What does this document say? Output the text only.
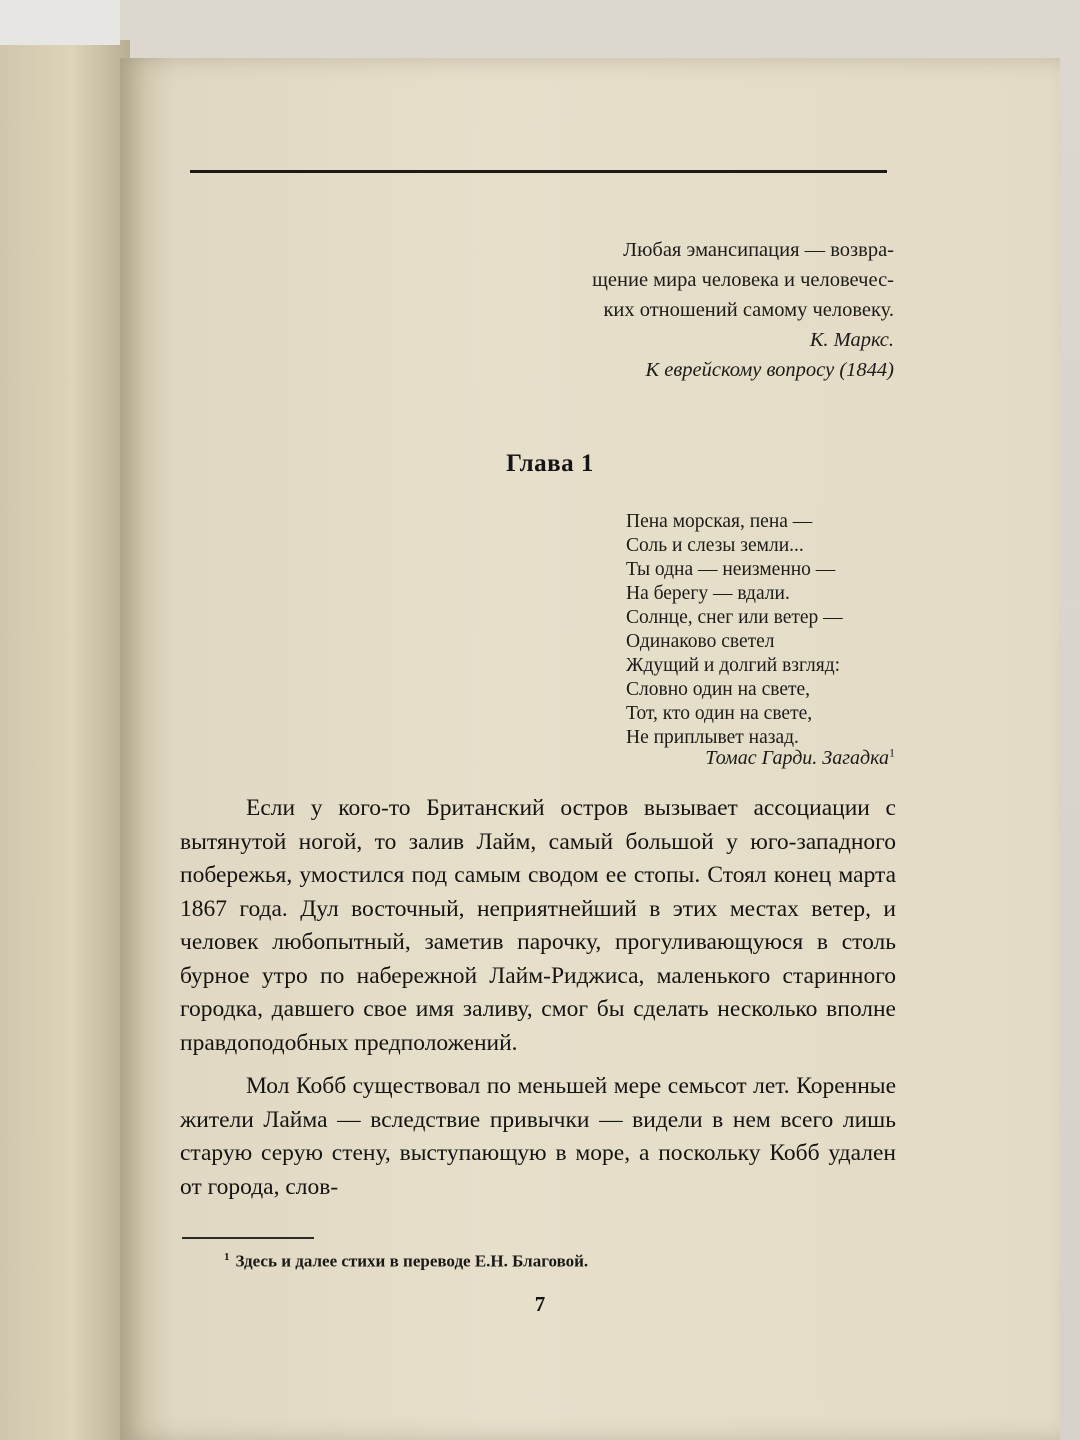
Любая эмансипация — возвра-
щение мира человека и человечес-
ких отношений самому человеку.
К. Маркс.
К еврейскому вопросу (1844)
Глава 1
Пена морская, пена —
Соль и слезы земли...
Ты одна — неизменно —
На берегу — вдали.
Солнце, снег или ветер —
Одинаково светел
Ждущий и долгий взгляд:
Словно один на свете,
Тот, кто один на свете,
Не приплывет назад.
Томас Гарди. Загадка$^1$

Если у кого-то Британский остров вызывает ассоциации с вытянутой ногой, то залив Лайм, самый большой у юго-западного побережья, умостился под самым сводом ее стопы. Стоял конец марта 1867 года. Дул восточный, неприятнейший в этих местах ветер, и человек любопытный, заметив парочку, прогуливающуюся в столь бурное утро по набережной Лайм-Риджиса, маленького старинного городка, давшего свое имя заливу, смог бы сделать несколько вполне правдоподобных предположений.

Мол Кобб существовал по меньшей мере семьсот лет. Коренные жители Лайма — вследствие привычки — видели в нем всего лишь старую серую стену, выступающую в море, а поскольку Кобб удален от города, слов-

$^1$ Здесь и далее стихи в переводе Е.Н. Благовой.
7
